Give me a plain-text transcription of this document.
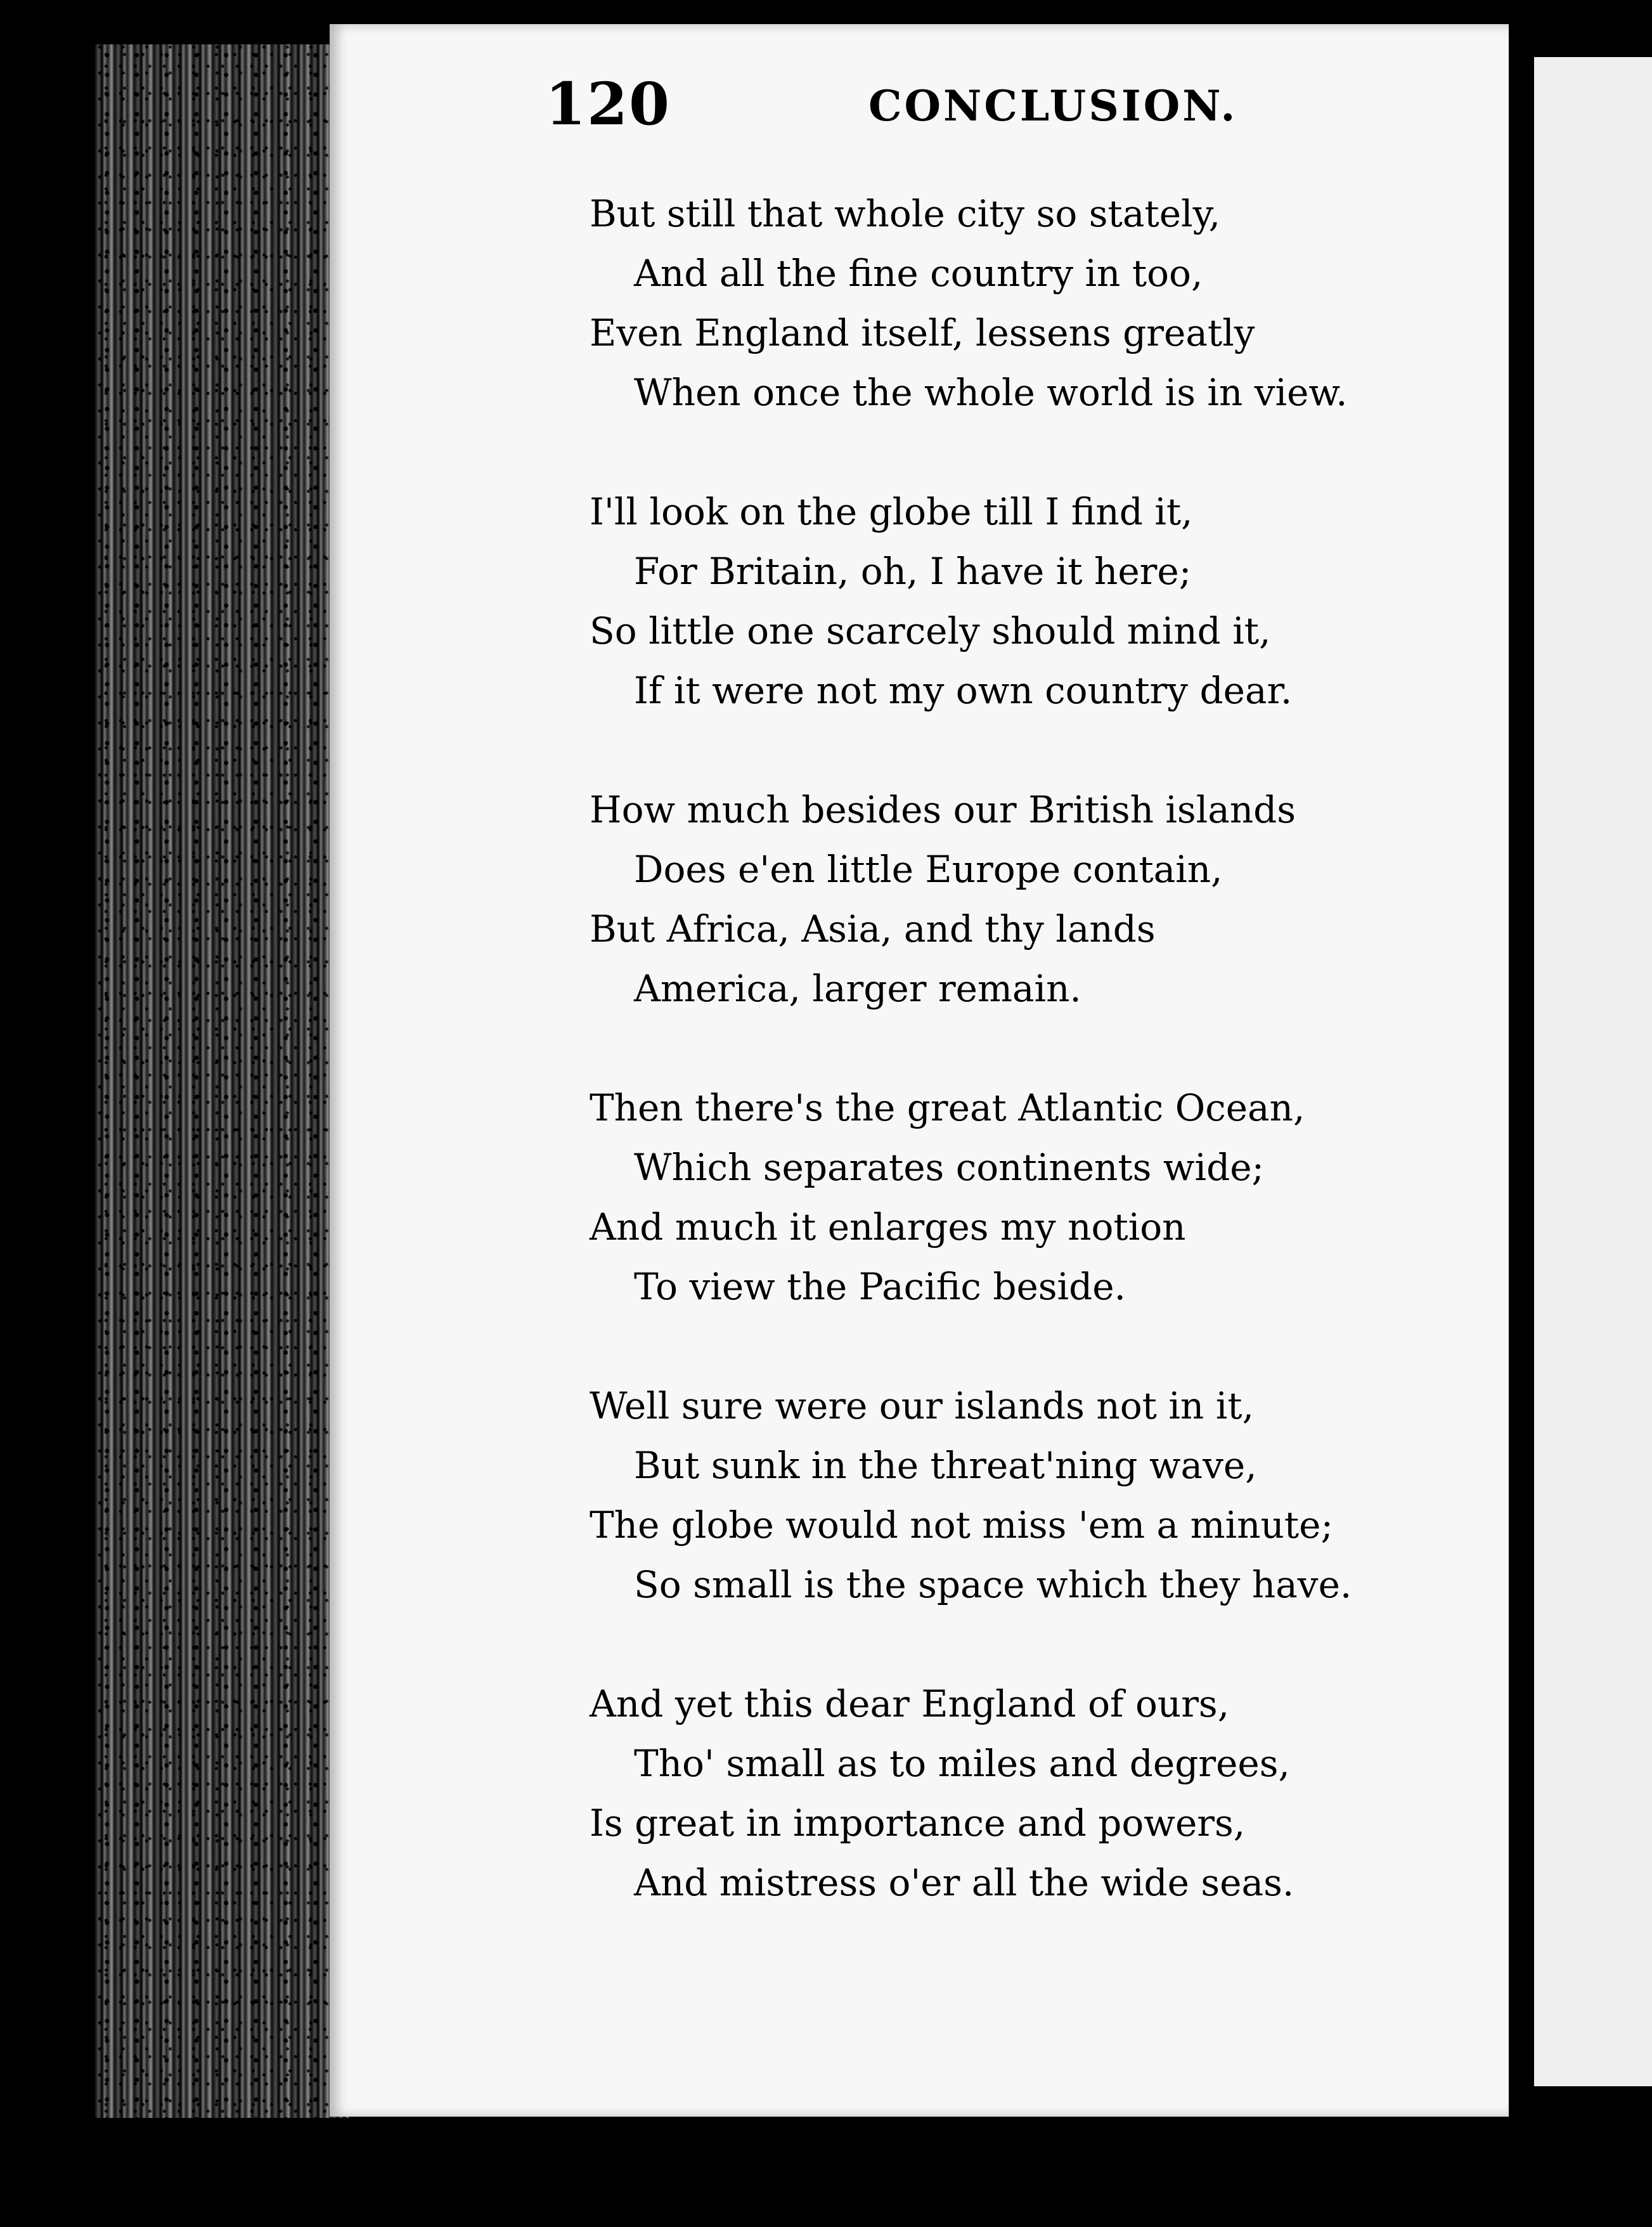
120	CONCLUSION.
But still that whole city so stately,
And all the fine country in too,
Even England itself, lessens greatly
When once the whole world is in view.
I'll look on the globe till I find it,
For Britain, oh, I have it here;
So little one scarcely should mind it,
If it were not my own country dear.
How much besides our British islands
Does e'en little Europe contain,
But Africa, Asia, and thy lands
America, larger remain.
Then there's the great Atlantic Ocean,
Which separates continents wide;
And much it enlarges my notion
To view the Pacific beside.
Well sure were our islands not in it,
But sunk in the threat'ning wave,
The globe would not miss 'em a minute;
So small is the space which they have.
And yet this dear England of ours,
Tho' small as to miles and degrees,
Is great in importance and powers,
And mistress o'er all the wide seas.
